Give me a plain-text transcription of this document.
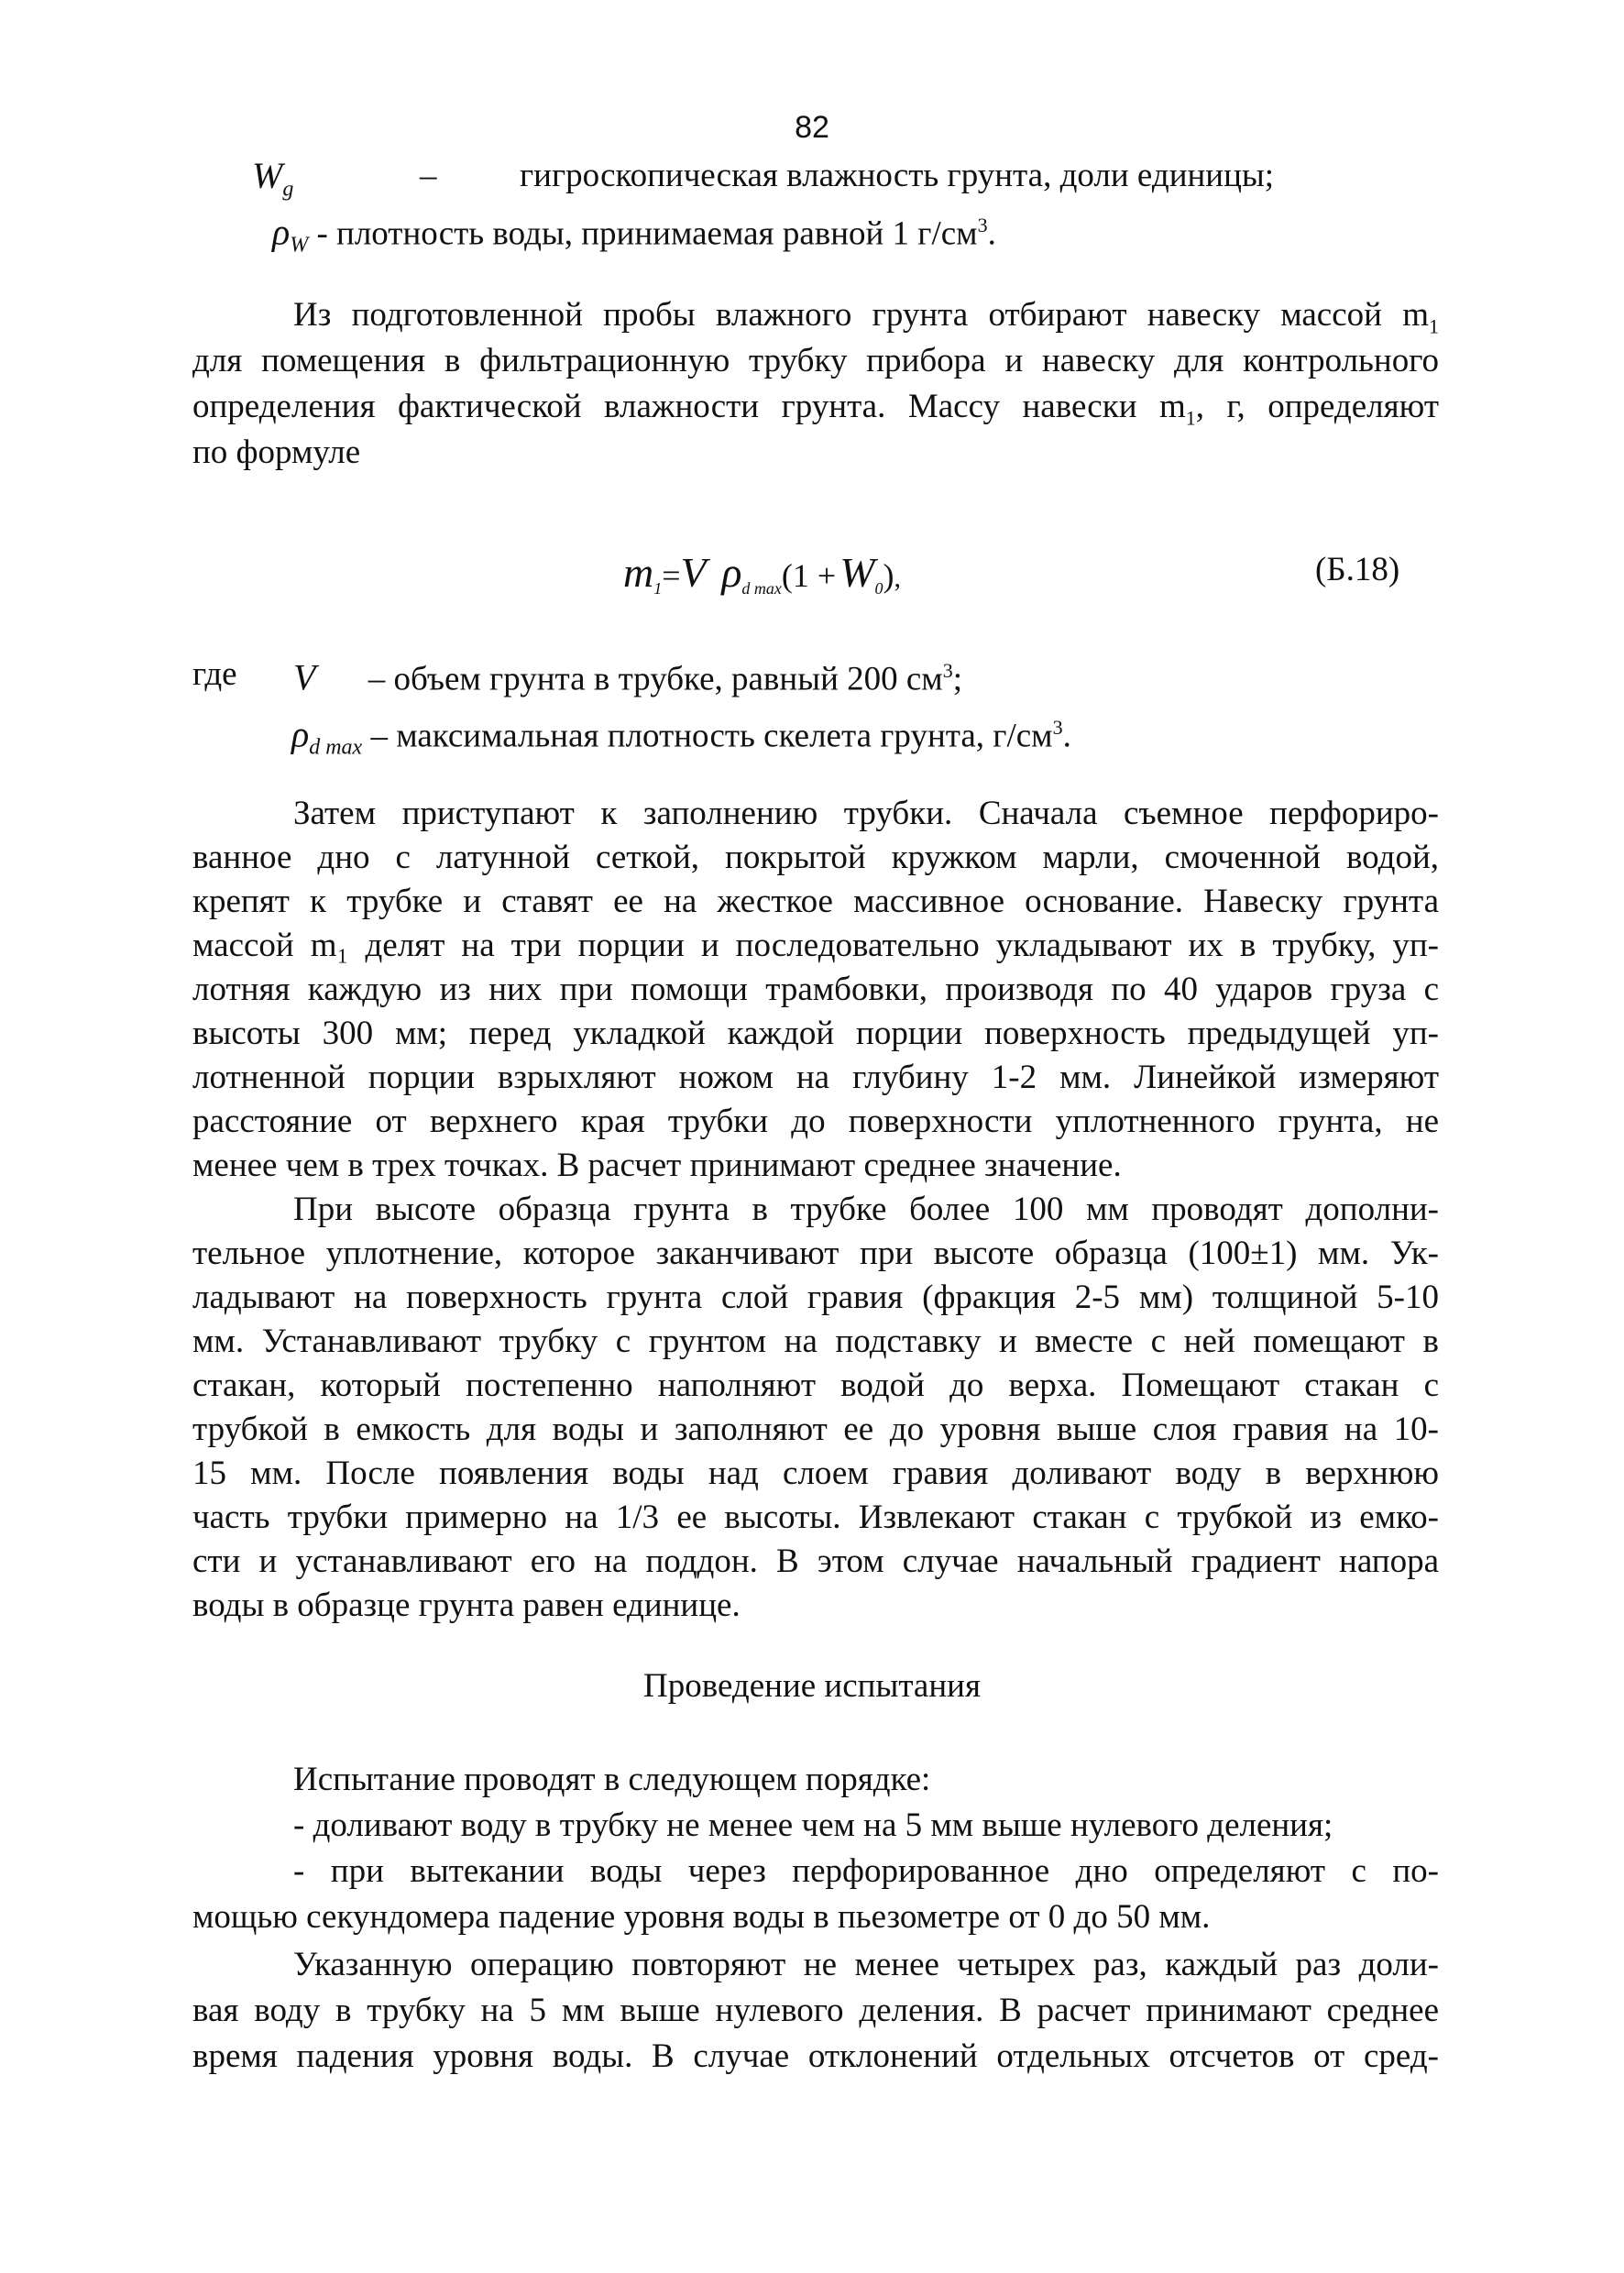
82
$W_g$	– гигроскопическая влажность грунта, доли единицы;
$\rho_W$ - плотность воды, принимаемая равной 1 $г/см^3$.
Из подготовленной пробы влажного грунта отбирают навеску массой $m_1$
для помещения в фильтрационную трубку прибора и навеску для контрольного
определения фактической влажности грунта. Массу навески $m_1$, г, определяют
по формуле
$m_1=V$ $\rho_{d max}(1 +W_0)$,	(Б.18)
где V – объем грунта в трубке, равный 200 $см^3$;
$\rho_{d max}$ – максимальная плотность скелета грунта, $г/см^3$.
Затем приступают к заполнению трубки. Сначала съемное перфориро-
ванное дно с латунной сеткой, покрытой кружком марли, смоченной водой,
крепят к трубке и ставят ее на жесткое массивное основание. Навеску грунта
массой m₁ делят на три порции и последовательно укладывают их в трубку, уп-
лотняя каждую из них при помощи трамбовки, производя по 40 ударов груза с
высоты 300 мм; перед укладкой каждой порции поверхность предыдущей уп-
лотненной порции взрыхляют ножом на глубину 1-2 мм. Линейкой измеряют
расстояние от верхнего края трубки до поверхности уплотненного грунта, не
менее чем в трех точках. В расчет принимают среднее значение.
При высоте образца грунта в трубке более 100 мм проводят дополни-
тельное уплотнение, которое заканчивают при высоте образца (100±1) мм. Ук-
ладывают на поверхность грунта слой гравия (фракция 2-5 мм) толщиной 5-10
мм. Устанавливают трубку с грунтом на подставку и вместе с ней помещают в
стакан, который постепенно наполняют водой до верха. Помещают стакан с
трубкой в емкость для воды и заполняют ее до уровня выше слоя гравия на 10-
15 мм. После появления воды над слоем гравия доливают воду в верхнюю
часть трубки примерно на 1/3 ее высоты. Извлекают стакан с трубкой из емко-
сти и устанавливают его на поддон. В этом случае начальный градиент напора
воды в образце грунта равен единице.
Проведение испытания
Испытание проводят в следующем порядке:
- доливают воду в трубку не менее чем на 5 мм выше нулевого деления;
- при вытекании воды через перфорированное дно определяют с по-
мощью секундомера падение уровня воды в пьезометре от 0 до 50 мм.
Указанную операцию повторяют не менее четырех раз, каждый раз доли-
вая воду в трубку на 5 мм выше нулевого деления. В расчет принимают среднее
время падения уровня воды. В случае отклонений отдельных отсчетов от сред-
